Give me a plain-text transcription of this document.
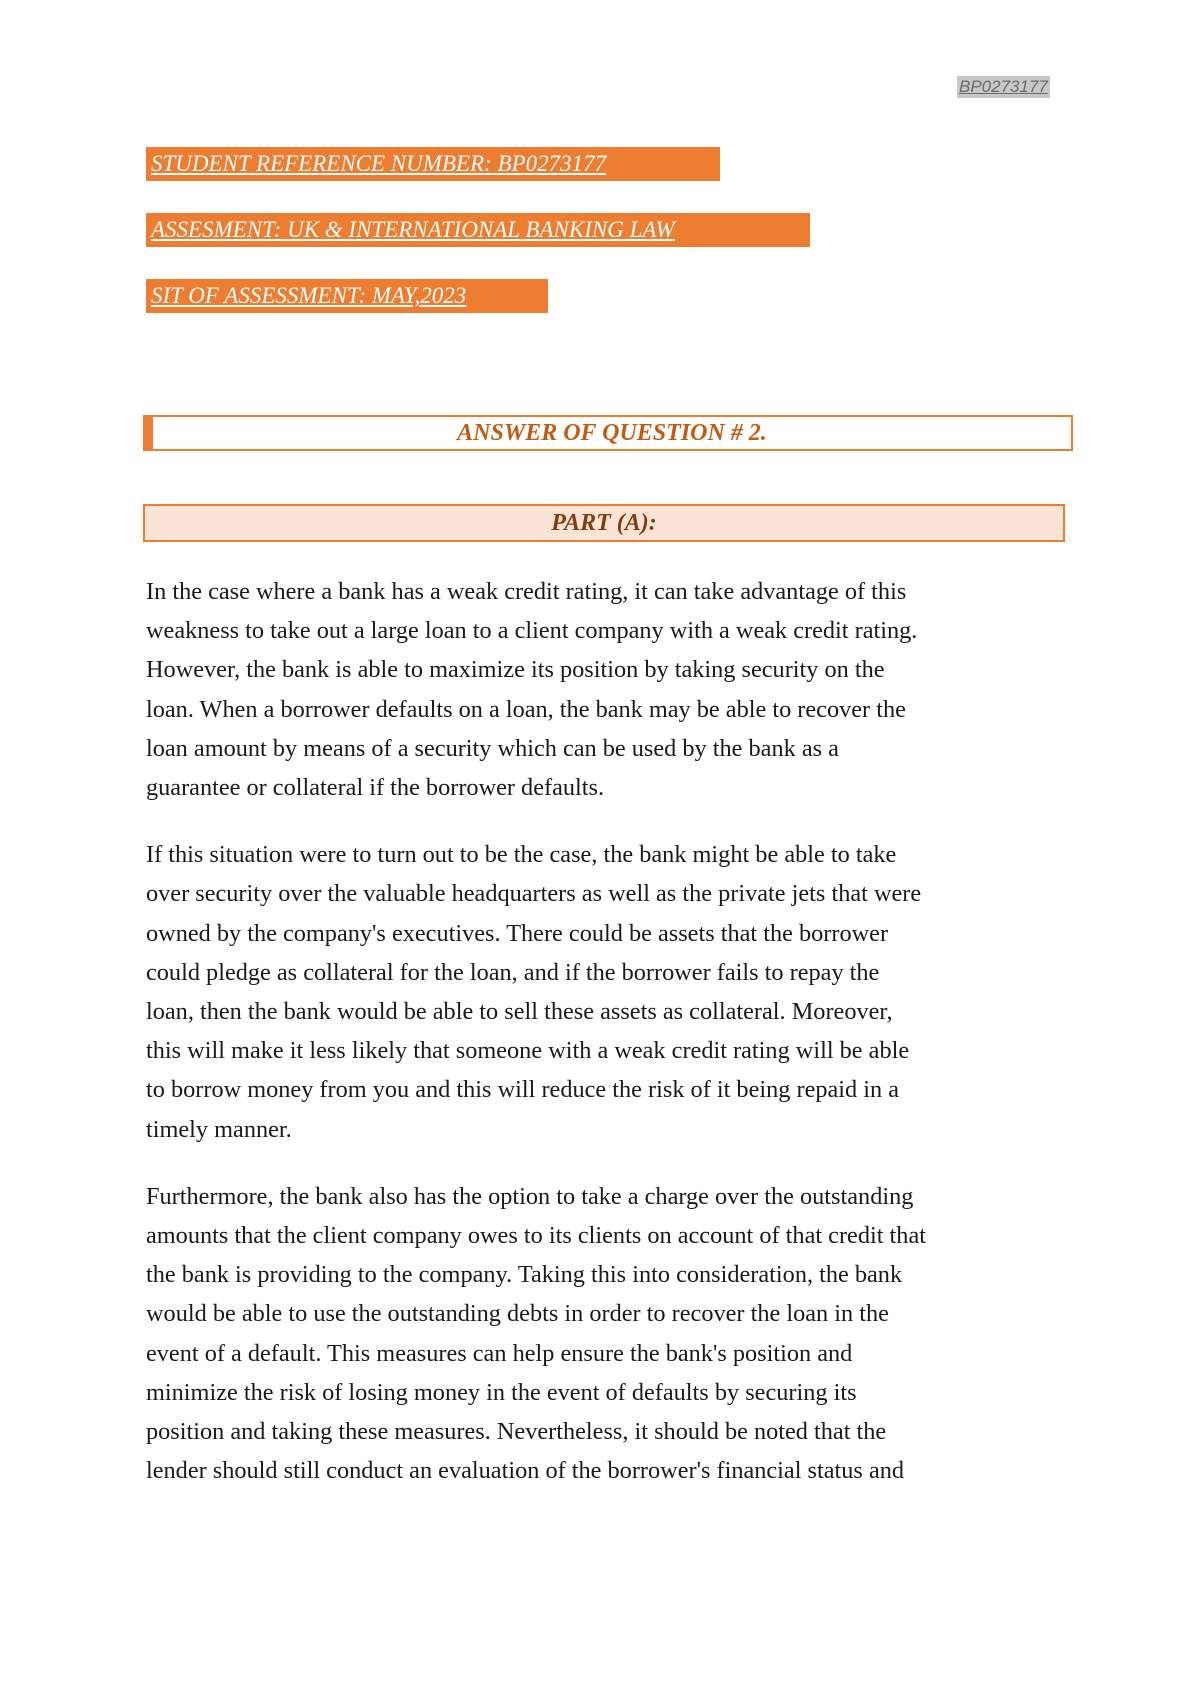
BP0273177
STUDENT REFERENCE NUMBER: BP0273177
ASSESMENT: UK & INTERNATIONAL BANKING LAW
SIT OF ASSESSMENT: MAY,2023
ANSWER OF QUESTION # 2.
PART (A):

In the case where a bank has a weak credit rating, it can take advantage of this
weakness to take out a large loan to a client company with a weak credit rating.
However, the bank is able to maximize its position by taking security on the
loan. When a borrower defaults on a loan, the bank may be able to recover the
loan amount by means of a security which can be used by the bank as a
guarantee or collateral if the borrower defaults.

If this situation were to turn out to be the case, the bank might be able to take
over security over the valuable headquarters as well as the private jets that were
owned by the company's executives. There could be assets that the borrower
could pledge as collateral for the loan, and if the borrower fails to repay the
loan, then the bank would be able to sell these assets as collateral. Moreover,
this will make it less likely that someone with a weak credit rating will be able
to borrow money from you and this will reduce the risk of it being repaid in a
timely manner.

Furthermore, the bank also has the option to take a charge over the outstanding
amounts that the client company owes to its clients on account of that credit that
the bank is providing to the company. Taking this into consideration, the bank
would be able to use the outstanding debts in order to recover the loan in the
event of a default. This measures can help ensure the bank's position and
minimize the risk of losing money in the event of defaults by securing its
position and taking these measures. Nevertheless, it should be noted that the
lender should still conduct an evaluation of the borrower's financial status and
